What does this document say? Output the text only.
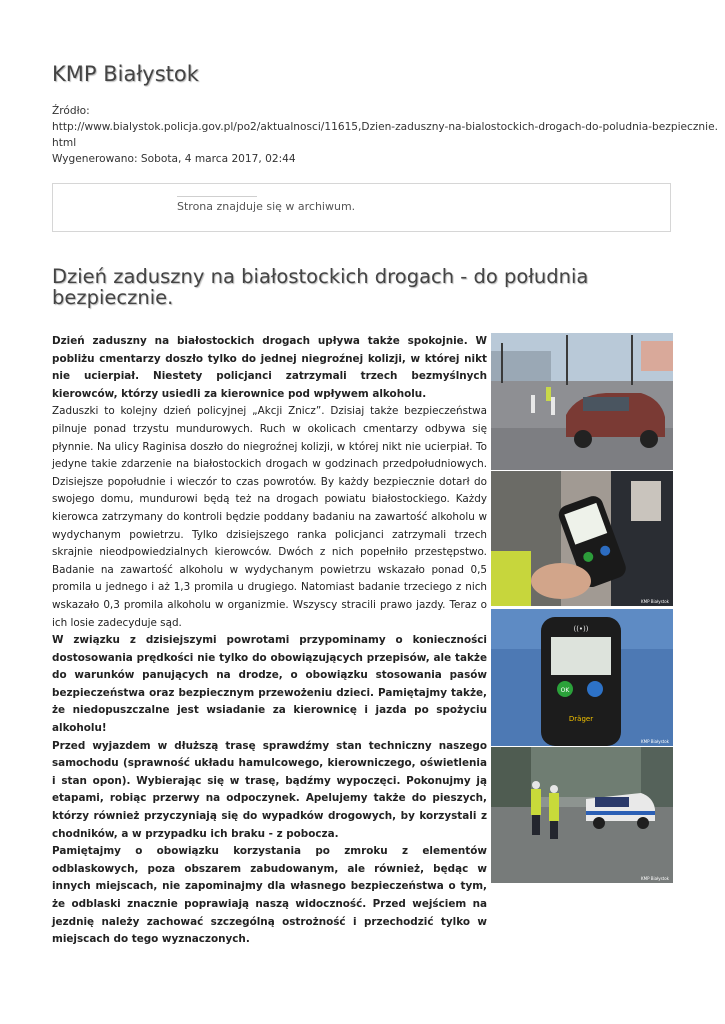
KMP Białystok
Źródło:
http://www.bialystok.policja.gov.pl/po2/aktualnosci/11615,Dzien-zaduszny-na-bialostockich-drogach-do-poludnia-bezpiecznie.
html
Wygenerowano: Sobota, 4 marca 2017, 02:44
Strona znajduje się w archiwum.
Dzień zaduszny na białostockich drogach - do południa bezpiecznie.

Dzień zaduszny na białostockich drogach upływa także spokojnie. W pobliżu cmentarzy doszło tylko do jednej niegroźnej kolizji, w której nikt nie ucierpiał. Niestety policjanci zatrzymali trzech bezmyślnych kierowców, którzy usiedli za kierownice pod wpływem alkoholu.

Zaduszki to kolejny dzień policyjnej „Akcji Znicz”. Dzisiaj także bezpieczeństwa pilnuje ponad trzystu mundurowych. Ruch w okolicach cmentarzy odbywa się płynnie. Na ulicy Raginisa doszło do niegroźnej kolizji, w której nikt nie ucierpiał. To jedyne takie zdarzenie na białostockich drogach w godzinach przedpołudniowych. Dzisiejsze popołudnie i wieczór to czas powrotów. By każdy bezpiecznie dotarł do swojego domu, mundurowi będą też na drogach powiatu białostockiego. Każdy kierowca zatrzymany do kontroli będzie poddany badaniu na zawartość alkoholu w wydychanym powietrzu. Tylko dzisiejszego ranka policjanci zatrzymali trzech skrajnie nieodpowiedzialnych kierowców. Dwóch z nich popełniło przestępstwo. Badanie na zawartość alkoholu w wydychanym powietrzu wskazało ponad 0,5 promila u jednego i aż 1,3 promila u drugiego. Natomiast badanie trzeciego z nich wskazało 0,3 promila alkoholu w organizmie. Wszyscy stracili prawo jazdy. Teraz o ich losie zadecyduje sąd.

W związku z dzisiejszymi powrotami przypominamy o konieczności dostosowania prędkości nie tylko do obowiązujących przepisów, ale także do warunków panujących na drodze, o obowiązku stosowania pasów bezpieczeństwa oraz bezpiecznym przewożeniu dzieci. Pamiętajmy także, że niedopuszczalne jest wsiadanie za kierownicę i jazda po spożyciu alkoholu!

Przed wyjazdem w dłuższą trasę sprawdźmy stan techniczny naszego samochodu (sprawność układu hamulcowego, kierowniczego, oświetlenia i stan opon). Wybierając się w trasę, bądźmy wypoczęci. Pokonujmy ją etapami, robiąc przerwy na odpoczynek. Apelujemy także do pieszych, którzy również przyczyniają się do wypadków drogowych, by korzystali z chodników, a w przypadku ich braku - z pobocza.

Pamiętajmy o obowiązku korzystania po zmroku z elementów odblaskowych, poza obszarem zabudowanym, ale również, będąc w innych miejscach, nie zapominajmy dla własnego bezpieczeństwa o tym, że odblaski znacznie poprawiają naszą widoczność. Przed wejściem na jezdnię należy zachować szczególną ostrożność i przechodzić tylko w miejscach do tego wyznaczonych.

KMP Białystok
((•))
OK
Dräger
KMP Białystok
KMP Białystok
